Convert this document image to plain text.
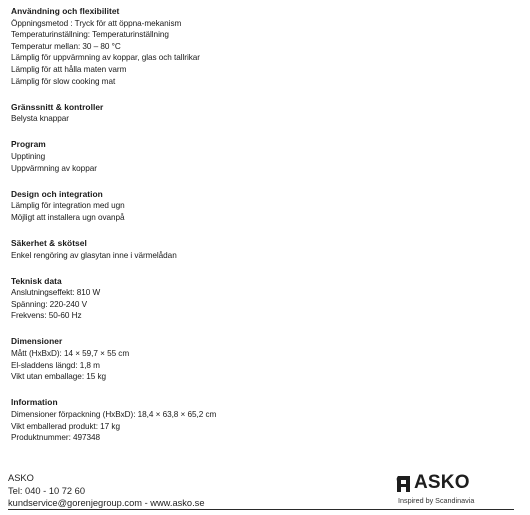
Användning och flexibilitet

Öppningsmetod : Tryck för att öppna-mekanism

Temperaturinställning: Temperaturinställning

Temperatur mellan: 30 – 80 °C

Lämplig för uppvärmning av koppar, glas och tallrikar

Lämplig för att hålla maten varm

Lämplig för slow cooking mat

Gränssnitt & kontroller

Belysta knappar

Program

Upptining

Uppvärmning av koppar

Design och integration

Lämplig för integration med ugn

Möjligt att installera ugn ovanpå

Säkerhet & skötsel

Enkel rengöring av glasytan inne i värmelådan

Teknisk data

Anslutningseffekt: 810 W

Spänning: 220-240 V

Frekvens: 50-60 Hz

Dimensioner

Mått (HxBxD): 14 × 59,7 × 55 cm

El-sladdens längd: 1,8 m

Vikt utan emballage: 15 kg

Information

Dimensioner förpackning (HxBxD): 18,4 × 63,8 × 65,2 cm

Vikt emballerad produkt: 17 kg

Produktnummer: 497348

ASKO

Tel: 040 - 10 72 60

kundservice@gorenjegroup.com - www.asko.se

ASKO
Inspired by Scandinavia
